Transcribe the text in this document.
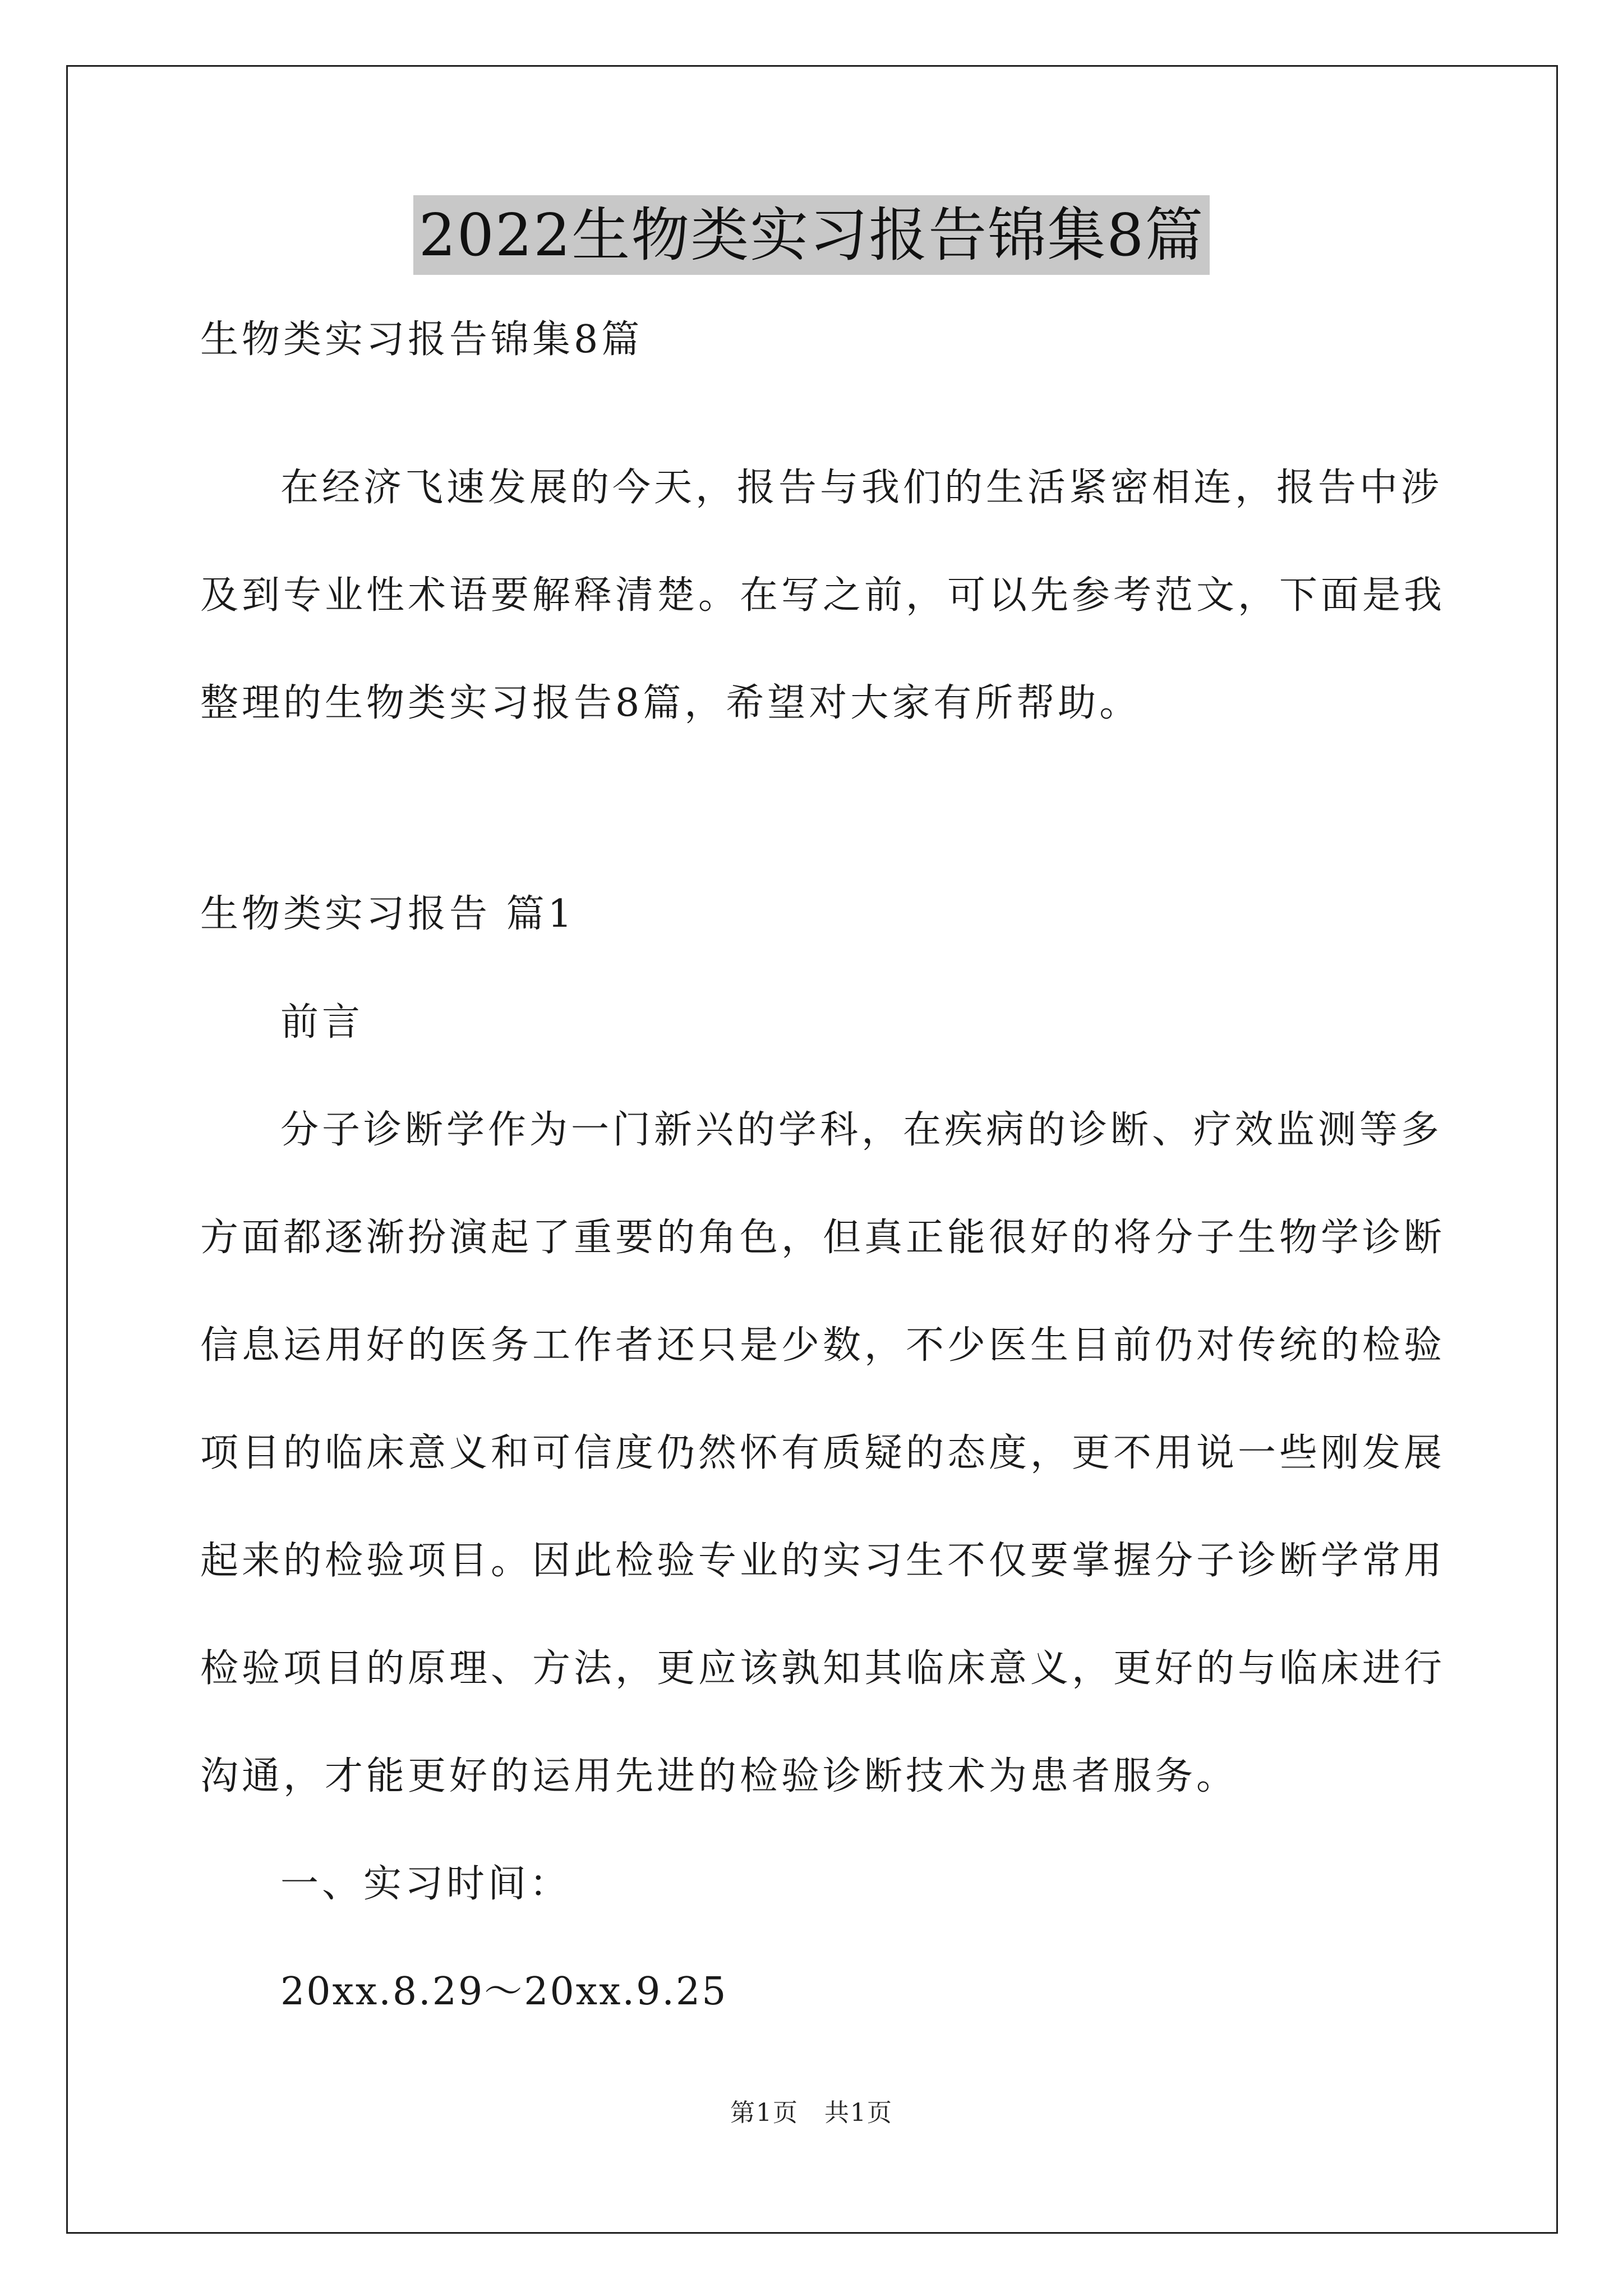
2022生物类实习报告锦集8篇
生物类实习报告锦集8篇
在经济飞速发展的今天，报告与我们的生活紧密相连，报告中涉
及到专业性术语要解释清楚。在写之前，可以先参考范文，下面是我
整理的生物类实习报告8篇，希望对大家有所帮助。
生物类实习报告 篇1
前言
分子诊断学作为一门新兴的学科，在疾病的诊断、疗效监测等多
方面都逐渐扮演起了重要的角色，但真正能很好的将分子生物学诊断
信息运用好的医务工作者还只是少数，不少医生目前仍对传统的检验
项目的临床意义和可信度仍然怀有质疑的态度，更不用说一些刚发展
起来的检验项目。因此检验专业的实习生不仅要掌握分子诊断学常用
检验项目的原理、方法，更应该孰知其临床意义，更好的与临床进行
沟通，才能更好的运用先进的检验诊断技术为患者服务。
一、实习时间：
20xx.8.29～20xx.9.25
第1页　共1页
